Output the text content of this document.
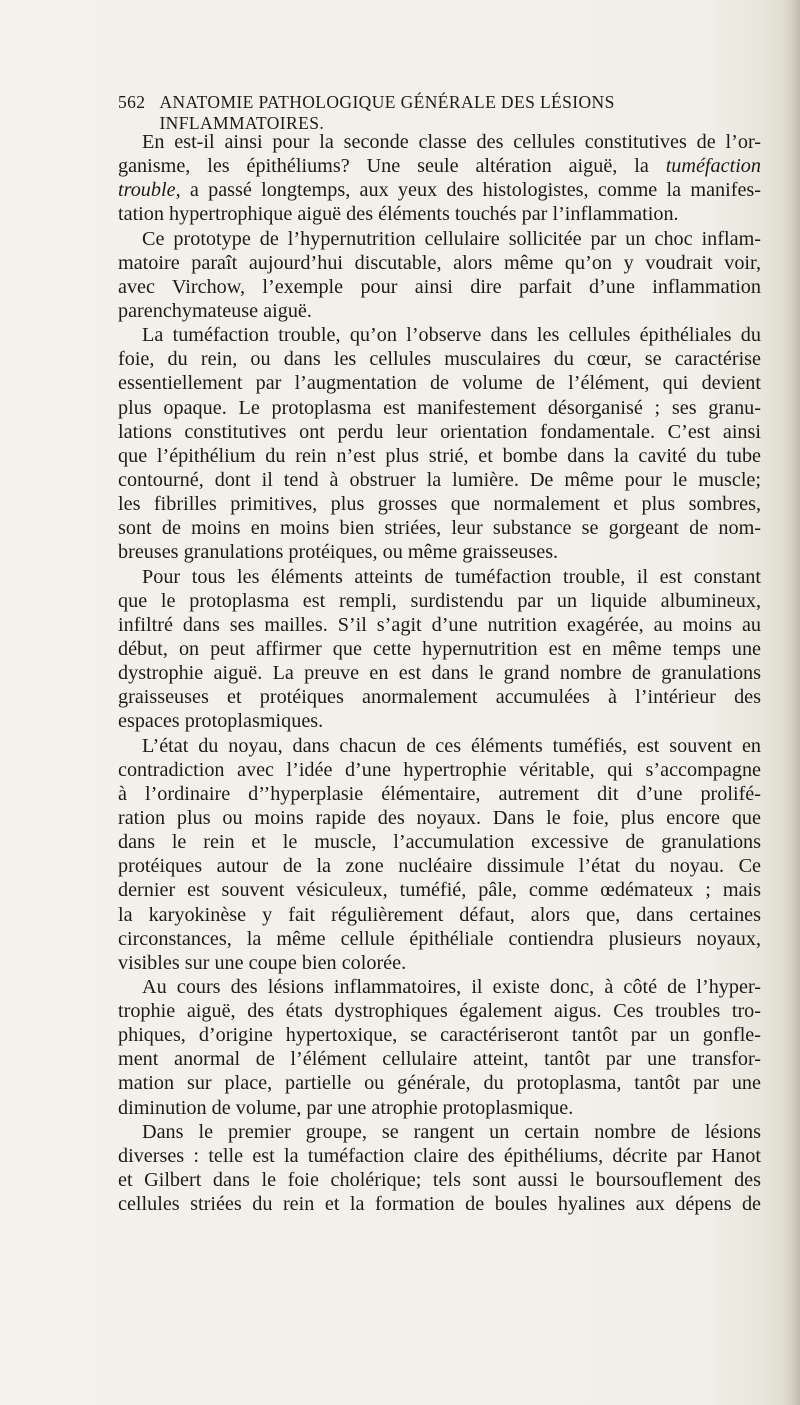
562 ANATOMIE PATHOLOGIQUE GÉNÉRALE DES LÉSIONS INFLAMMATOIRES.
En est-il ainsi pour la seconde classe des cellules constitutives de l’or-
ganisme, les épithéliums? Une seule altération aiguë, la tuméfaction
trouble, a passé longtemps, aux yeux des histologistes, comme la manifes-
tation hypertrophique aiguë des éléments touchés par l’inflammation.
Ce prototype de l’hypernutrition cellulaire sollicitée par un choc inflam-
matoire paraît aujourd’hui discutable, alors même qu’on y voudrait voir,
avec Virchow, l’exemple pour ainsi dire parfait d’une inflammation
parenchymateuse aiguë.
La tuméfaction trouble, qu’on l’observe dans les cellules épithéliales du
foie, du rein, ou dans les cellules musculaires du cœur, se caractérise
essentiellement par l’augmentation de volume de l’élément, qui devient
plus opaque. Le protoplasma est manifestement désorganisé ; ses granu-
lations constitutives ont perdu leur orientation fondamentale. C’est ainsi
que l’épithélium du rein n’est plus strié, et bombe dans la cavité du tube
contourné, dont il tend à obstruer la lumière. De même pour le muscle;
les fibrilles primitives, plus grosses que normalement et plus sombres,
sont de moins en moins bien striées, leur substance se gorgeant de nom-
breuses granulations protéiques, ou même graisseuses.
Pour tous les éléments atteints de tuméfaction trouble, il est constant
que le protoplasma est rempli, surdistendu par un liquide albumineux,
infiltré dans ses mailles. S’il s’agit d’une nutrition exagérée, au moins au
début, on peut affirmer que cette hypernutrition est en même temps une
dystrophie aiguë. La preuve en est dans le grand nombre de granulations
graisseuses et protéiques anormalement accumulées à l’intérieur des
espaces protoplasmiques.
L’état du noyau, dans chacun de ces éléments tuméfiés, est souvent en
contradiction avec l’idée d’une hypertrophie véritable, qui s’accompagne
à l’ordinaire d’’hyperplasie élémentaire, autrement dit d’une prolifé-
ration plus ou moins rapide des noyaux. Dans le foie, plus encore que
dans le rein et le muscle, l’accumulation excessive de granulations
protéiques autour de la zone nucléaire dissimule l’état du noyau. Ce
dernier est souvent vésiculeux, tuméfié, pâle, comme œdémateux ; mais
la karyokinèse y fait régulièrement défaut, alors que, dans certaines
circonstances, la même cellule épithéliale contiendra plusieurs noyaux,
visibles sur une coupe bien colorée.
Au cours des lésions inflammatoires, il existe donc, à côté de l’hyper-
trophie aiguë, des états dystrophiques également aigus. Ces troubles tro-
phiques, d’origine hypertoxique, se caractériseront tantôt par un gonfle-
ment anormal de l’élément cellulaire atteint, tantôt par une transfor-
mation sur place, partielle ou générale, du protoplasma, tantôt par une
diminution de volume, par une atrophie protoplasmique.
Dans le premier groupe, se rangent un certain nombre de lésions
diverses : telle est la tuméfaction claire des épithéliums, décrite par Hanot
et Gilbert dans le foie cholérique; tels sont aussi le boursouflement des
cellules striées du rein et la formation de boules hyalines aux dépens de
